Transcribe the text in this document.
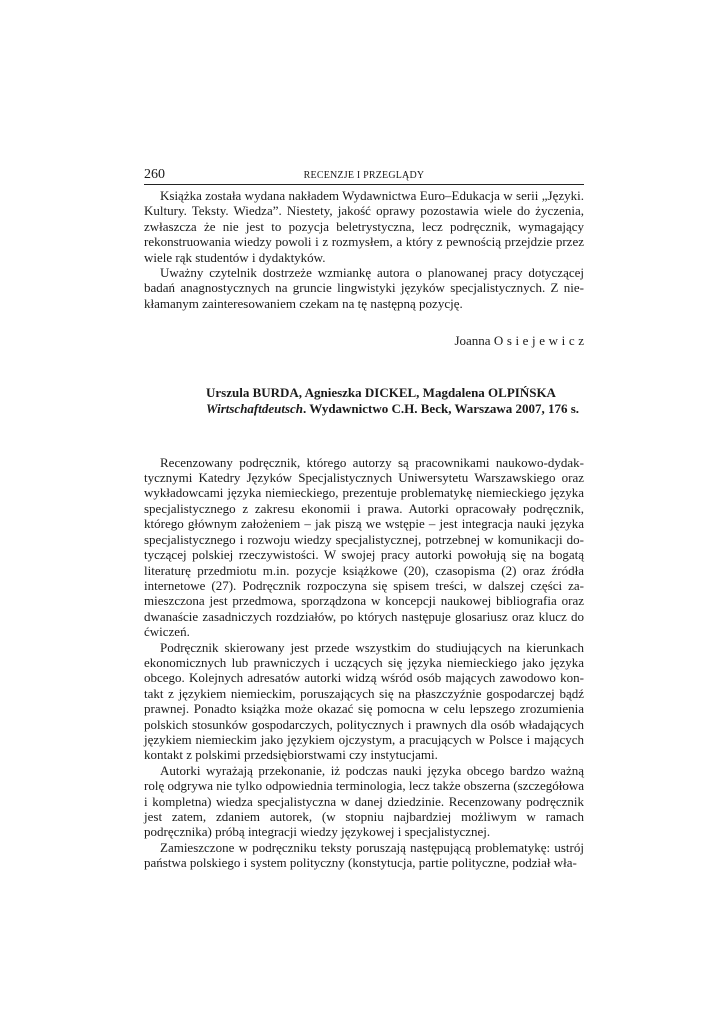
260	RECENZJE I PRZEGLĄDY

Książka została wydana nakładem Wydawnictwa Euro–Edukacja w serii „Języki. Kultury. Teksty. Wiedza”. Niestety, jakość oprawy pozostawia wiele do życzenia, zwłaszcza że nie jest to pozycja beletrystyczna, lecz podręcznik, wymagający rekonstruowania wiedzy powoli i z rozmysłem, a który z pewnością przejdzie przez wiele rąk studentów i dydaktyków.

Uważny czytelnik dostrzeże wzmiankę autora o planowanej pracy dotyczącej badań anagnostycznych na gruncie lingwistyki języków specjalistycznych. Z niekłamanym zainteresowaniem czekam na tę następną pozycję.

Joanna Osiejewicz
Urszula BURDA, Agnieszka DICKEL, Magdalena OLPIŃSKA
Wirtschaftdeutsch. Wydawnictwo C.H. Beck, Warszawa 2007, 176 s.

Recenzowany podręcznik, którego autorzy są pracownikami naukowo-dydaktycznymi Katedry Języków Specjalistycznych Uniwersytetu Warszawskiego oraz wykładowcami języka niemieckiego, prezentuje problematykę niemieckiego języka specjalistycznego z zakresu ekonomii i prawa. Autorki opracowały podręcznik, którego głównym założeniem – jak piszą we wstępie – jest integracja nauki języka specjalistycznego i rozwoju wiedzy specjalistycznej, potrzebnej w komunikacji dotyczącej polskiej rzeczywistości. W swojej pracy autorki powołują się na bogatą literaturę przedmiotu m.in. pozycje książkowe (20), czasopisma (2) oraz źródła internetowe (27). Podręcznik rozpoczyna się spisem treści, w dalszej części zamieszczona jest przedmowa, sporządzona w koncepcji naukowej bibliografia oraz dwanaście zasadniczych rozdziałów, po których następuje glosariusz oraz klucz do ćwiczeń.

Podręcznik skierowany jest przede wszystkim do studiujących na kierunkach ekonomicznych lub prawniczych i uczących się języka niemieckiego jako języka obcego. Kolejnych adresatów autorki widzą wśród osób mających zawodowo kontakt z językiem niemieckim, poruszających się na płaszczyźnie gospodarczej bądź prawnej. Ponadto książka może okazać się pomocna w celu lepszego zrozumienia polskich stosunków gospodarczych, politycznych i prawnych dla osób władających językiem niemieckim jako językiem ojczystym, a pracujących w Polsce i mających kontakt z polskimi przedsiębiorstwami czy instytucjami.

Autorki wyrażają przekonanie, iż podczas nauki języka obcego bardzo ważną rolę odgrywa nie tylko odpowiednia terminologia, lecz także obszerna (szczegółowa i kompletna) wiedza specjalistyczna w danej dziedzinie. Recenzowany podręcznik jest zatem, zdaniem autorek, (w stopniu najbardziej możliwym w ramach podręcznika) próbą integracji wiedzy językowej i specjalistycznej.

Zamieszczone w podręczniku teksty poruszają następującą problematykę: ustrój państwa polskiego i system polityczny (konstytucja, partie polityczne, podział wła-
